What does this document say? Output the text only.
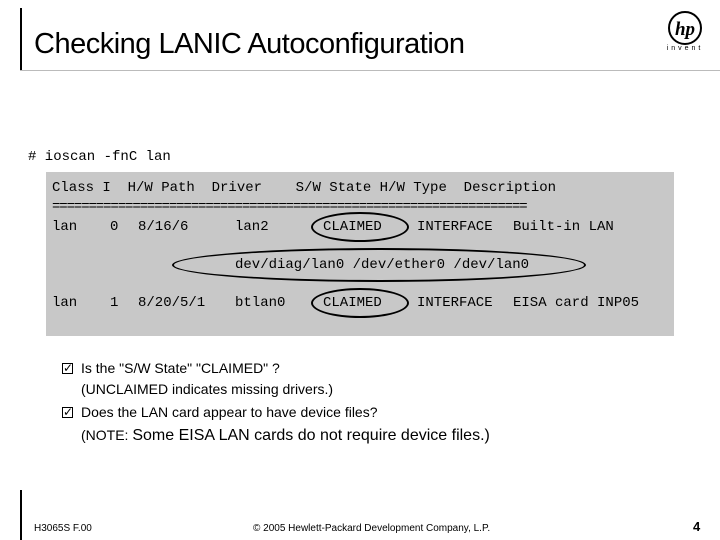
Checking LANIC Autoconfiguration	hp
invent
# ioscan -fnC lan
Class I  H/W Path  Driver    S/W State H/W Type  Description
=================================================================
lan 0 8/16/6	lan2	CLAIMED	INTERFACE Built-in LAN
dev/diag/lan0 /dev/ether0 /dev/lan0
lan 1 8/20/5/1 btlan0	CLAIMED	INTERFACE EISA card INP05
✓ Is the "S/W State" "CLAIMED" ?
(UNCLAIMED indicates missing drivers.)
✓ Does the LAN card appear to have device files?
(NOTE: Some EISA LAN cards do not require device files.)
H3065S F.00	© 2005 Hewlett-Packard Development Company, L.P.	4
